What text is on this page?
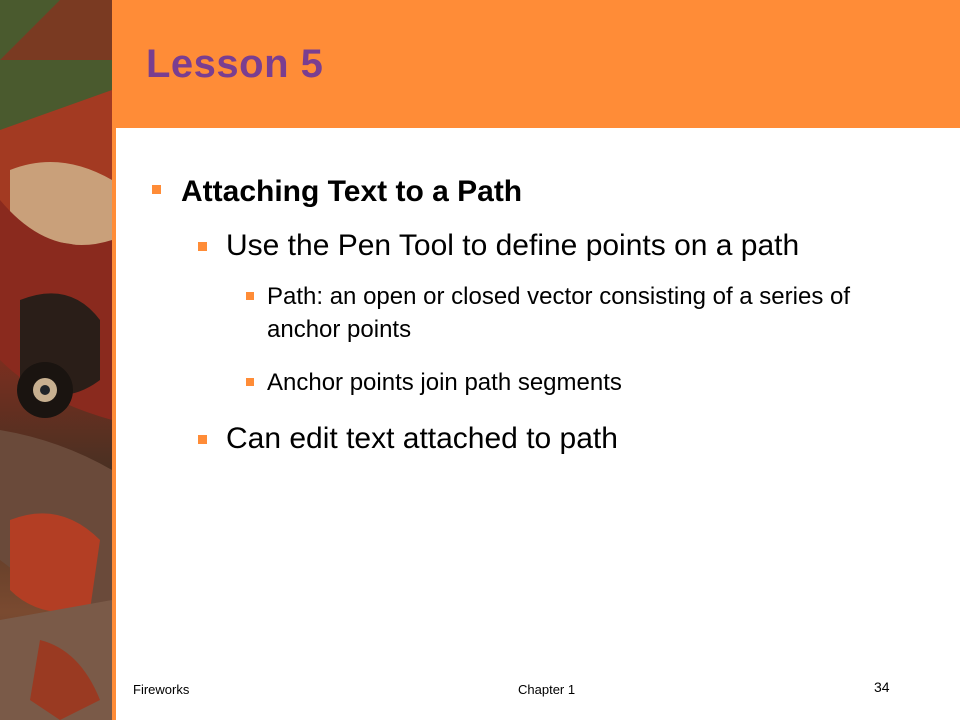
Lesson 5
Attaching Text to a Path
Use the Pen Tool to define points on a path
Path: an open or closed vector consisting of a series of anchor points
Anchor points join path segments
Can edit text attached to path
Fireworks	Chapter 1	34
